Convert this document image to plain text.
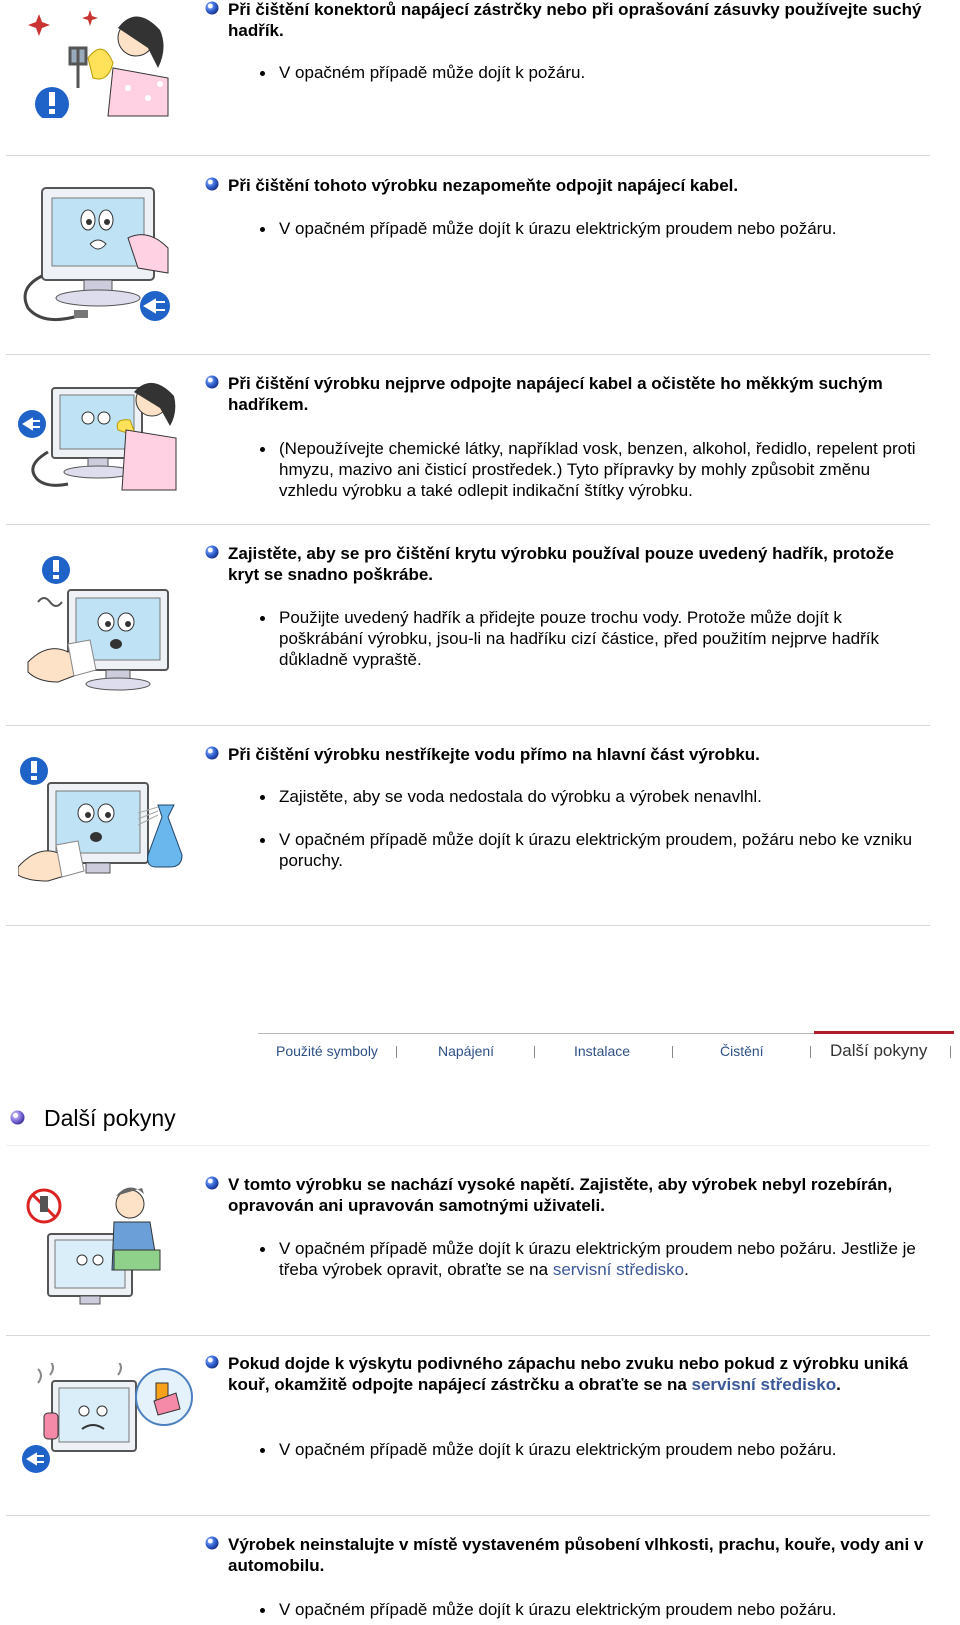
Při čištění konektorů napájecí zástrčky nebo při oprašování zásuvky používejte suchý hadřík.

V opačném případě může dojít k požáru.

Při čištění tohoto výrobku nezapomeňte odpojit napájecí kabel.

V opačném případě může dojít k úrazu elektrickým proudem nebo požáru.

Při čištění výrobku nejprve odpojte napájecí kabel a očistěte ho měkkým suchým hadříkem.

(Nepoužívejte chemické látky, například vosk, benzen, alkohol, ředidlo, repelent proti hmyzu, mazivo ani čisticí prostředek.) Tyto přípravky by mohly způsobit změnu vzhledu výrobku a také odlepit indikační štítky výrobku.

Zajistěte, aby se pro čištění krytu výrobku používal pouze uvedený hadřík, protože kryt se snadno poškrábe.

Použijte uvedený hadřík a přidejte pouze trochu vody. Protože může dojít k poškrábání výrobku, jsou-li na hadříku cizí částice, před použitím nejprve hadřík důkladně vypraště.

Při čištění výrobku nestříkejte vodu přímo na hlavní část výrobku.

Zajistěte, aby se voda nedostala do výrobku a výrobek nenavlhl.
V opačném případě může dojít k úrazu elektrickým proudem, požáru nebo ke vzniku poruchy.
Použité symboly	Napájení	Instalace	Čistění	Další pokyny
Další pokyny

V tomto výrobku se nachází vysoké napětí. Zajistěte, aby výrobek nebyl rozebírán, opravován ani upravován samotnými uživateli.

V opačném případě může dojít k úrazu elektrickým proudem nebo požáru. Jestliže je třeba výrobek opravit, obraťte se na servisní středisko.

Pokud dojde k výskytu podivného zápachu nebo zvuku nebo pokud z výrobku uniká kouř, okamžitě odpojte napájecí zástrčku a obraťte se na servisní středisko.

V opačném případě může dojít k úrazu elektrickým proudem nebo požáru.

Výrobek neinstalujte v místě vystaveném působení vlhkosti, prachu, kouře, vody ani v automobilu.

V opačném případě může dojít k úrazu elektrickým proudem nebo požáru.
